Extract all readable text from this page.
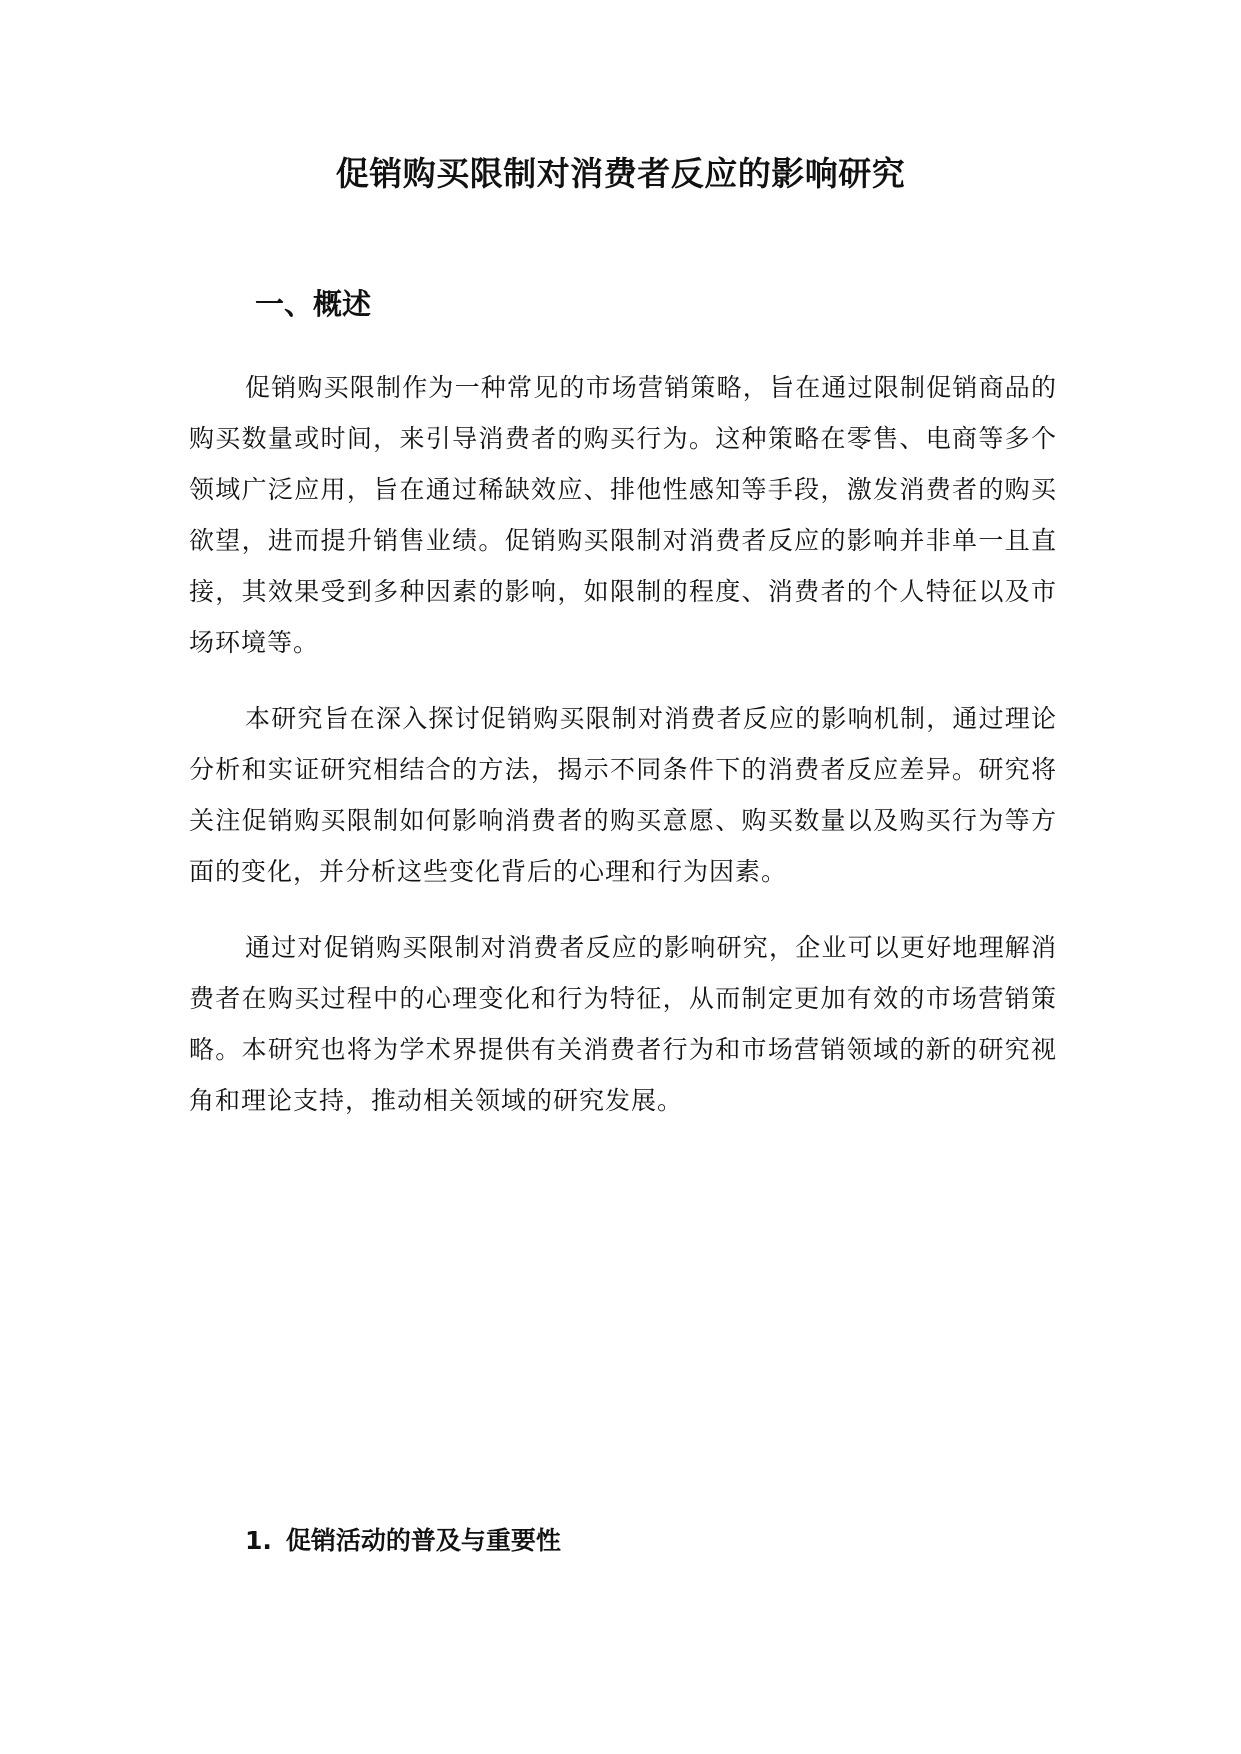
促销购买限制对消费者反应的影响研究
一、概述

促销购买限制作为一种常见的市场营销策略，旨在通过限制促销商品的购买数量或时间，来引导消费者的购买行为。这种策略在零售、电商等多个领域广泛应用，旨在通过稀缺效应、排他性感知等手段，激发消费者的购买欲望，进而提升销售业绩。促销购买限制对消费者反应的影响并非单一且直接，其效果受到多种因素的影响，如限制的程度、消费者的个人特征以及市场环境等。

本研究旨在深入探讨促销购买限制对消费者反应的影响机制，通过理论分析和实证研究相结合的方法，揭示不同条件下的消费者反应差异。研究将关注促销购买限制如何影响消费者的购买意愿、购买数量以及购买行为等方面的变化，并分析这些变化背后的心理和行为因素。

通过对促销购买限制对消费者反应的影响研究，企业可以更好地理解消费者在购买过程中的心理变化和行为特征，从而制定更加有效的市场营销策略。本研究也将为学术界提供有关消费者行为和市场营销领域的新的研究视角和理论支持，推动相关领域的研究发展。

1. 促销活动的普及与重要性
